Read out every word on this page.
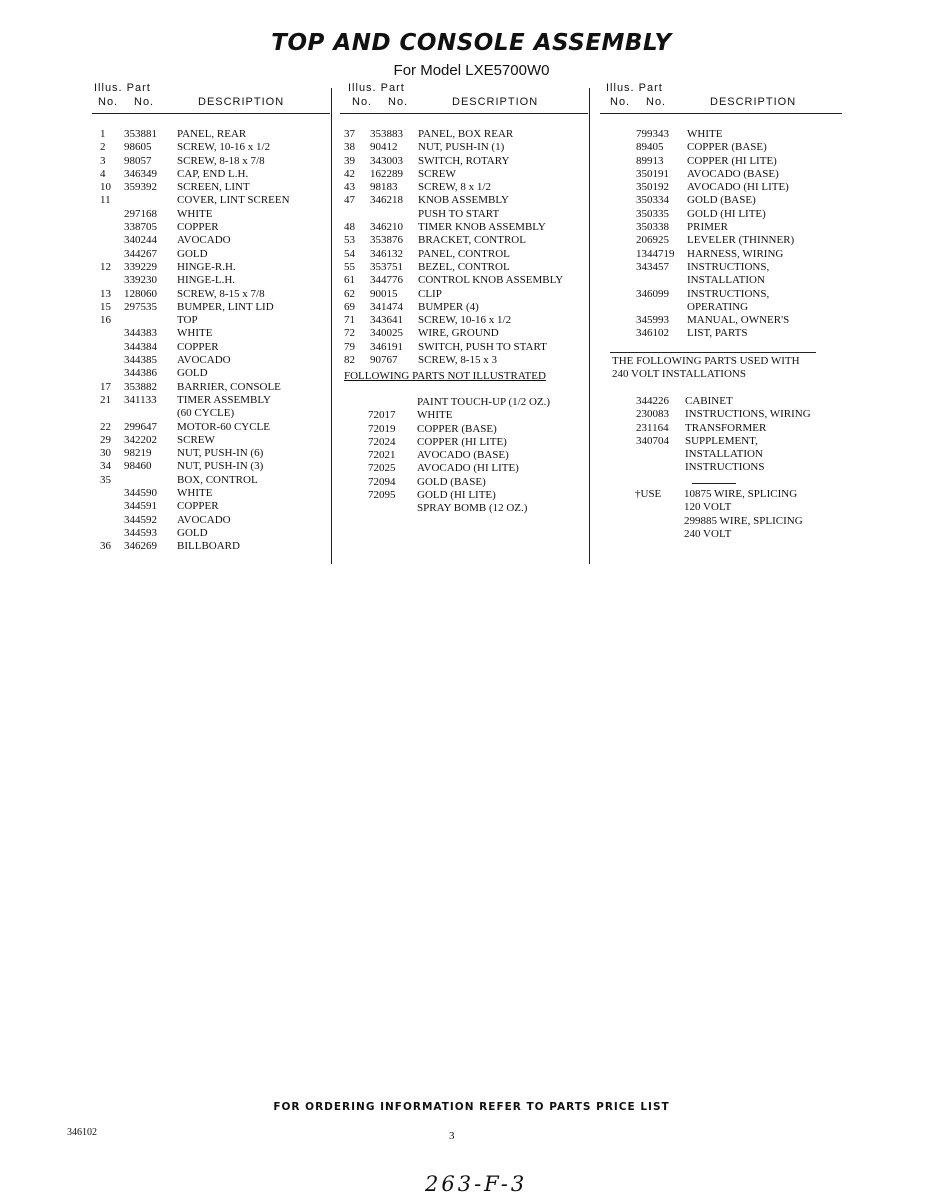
TOP AND CONSOLE ASSEMBLY
For Model LXE5700W0
Illus. Part
No. No.	DESCRIPTION
Illus. Part
No. No.	DESCRIPTION
Illus. Part
No. No.	DESCRIPTION
1 353881 PANEL, REAR
2 98605 SCREW, 10-16 x 1/2
3 98057 SCREW, 8-18 x 7/8
4 346349 CAP, END L.H.
10 359392 SCREEN, LINT
11	COVER, LINT SCREEN
297168 WHITE
338705 COPPER
340244 AVOCADO
344267 GOLD
12 339229 HINGE-R.H.
339230 HINGE-L.H.
13 128060 SCREW, 8-15 x 7/8
15 297535 BUMPER, LINT LID
16	TOP
344383 WHITE
344384 COPPER
344385 AVOCADO
344386 GOLD
17 353882 BARRIER, CONSOLE
21 341133 TIMER ASSEMBLY
(60 CYCLE)
22 299647 MOTOR-60 CYCLE
29 342202 SCREW
30 98219 NUT, PUSH-IN (6)
34 98460 NUT, PUSH-IN (3)
35	BOX, CONTROL
344590 WHITE
344591 COPPER
344592 AVOCADO
344593 GOLD
36 346269 BILLBOARD
37 353883 PANEL, BOX REAR
38 90412 NUT, PUSH-IN (1)
39 343003 SWITCH, ROTARY
42 162289 SCREW
43 98183 SCREW, 8 x 1/2
47 346218 KNOB ASSEMBLY
PUSH TO START
48 346210 TIMER KNOB ASSEMBLY
53 353876 BRACKET, CONTROL
54 346132 PANEL, CONTROL
55 353751 BEZEL, CONTROL
61 344776 CONTROL KNOB ASSEMBLY
62 90015 CLIP
69 341474 BUMPER (4)
71 343641 SCREW, 10-16 x 1/2
72 340025 WIRE, GROUND
79 346191 SWITCH, PUSH TO START
82 90767 SCREW, 8-15 x 3
FOLLOWING PARTS NOT ILLUSTRATED
PAINT TOUCH-UP (1/2 OZ.)
72017 WHITE
72019 COPPER (BASE)
72024 COPPER (HI LITE)
72021 AVOCADO (BASE)
72025 AVOCADO (HI LITE)
72094 GOLD (BASE)
72095 GOLD (HI LITE)
SPRAY BOMB (12 OZ.)
799343 WHITE
89405 COPPER (BASE)
89913 COPPER (HI LITE)
350191 AVOCADO (BASE)
350192 AVOCADO (HI LITE)
350334 GOLD (BASE)
350335 GOLD (HI LITE)
350338 PRIMER
206925 LEVELER (THINNER)
1344719 HARNESS, WIRING
343457 INSTRUCTIONS,
INSTALLATION
346099 INSTRUCTIONS,
OPERATING
345993 MANUAL, OWNER'S
346102 LIST, PARTS
THE FOLLOWING PARTS USED WITH
240 VOLT INSTALLATIONS
344226 CABINET
230083 INSTRUCTIONS, WIRING
231164 TRANSFORMER
340704 SUPPLEMENT,
INSTALLATION
INSTRUCTIONS
†USE 10875 WIRE, SPLICING
120 VOLT
299885 WIRE, SPLICING
240 VOLT
FOR ORDERING INFORMATION REFER TO PARTS PRICE LIST
346102	3
263-F-3
